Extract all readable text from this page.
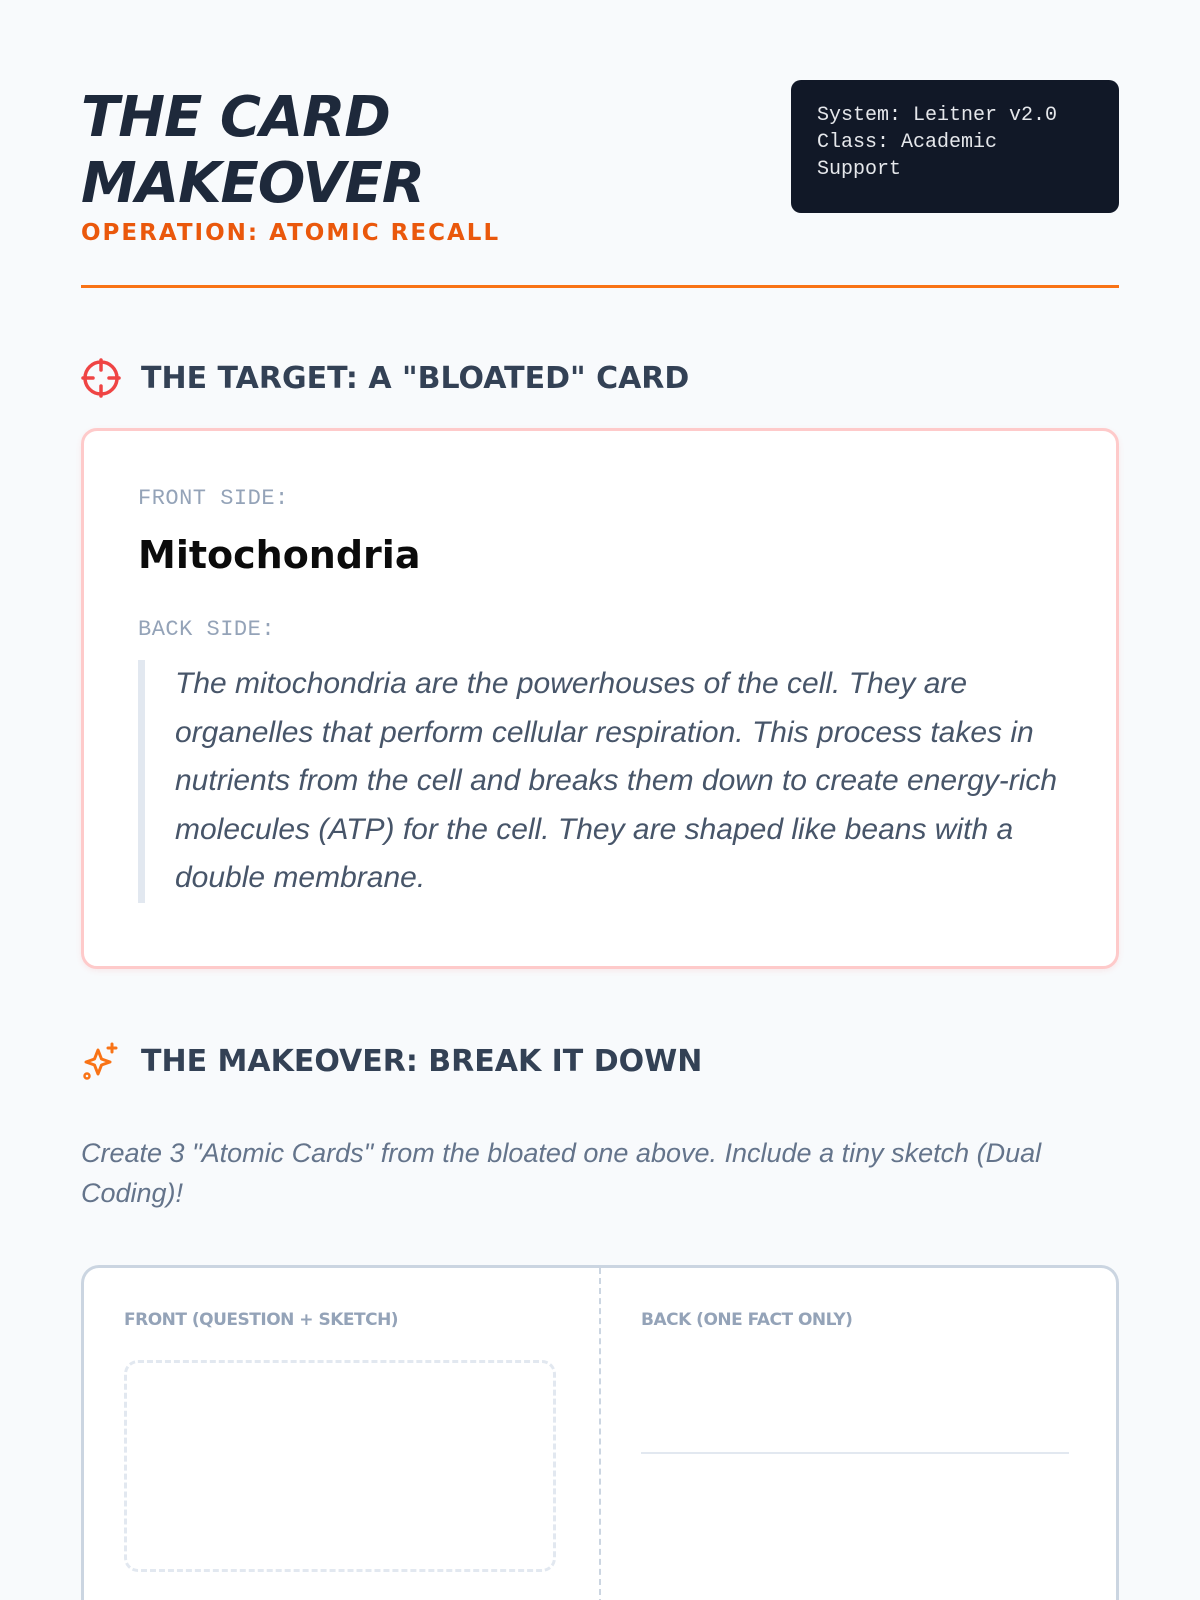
THE CARD MAKEOVER
OPERATION: ATOMIC RECALL
System: Leitner v2.0
Class: Academic
Support
THE TARGET: A "BLOATED" CARD
FRONT SIDE:
Mitochondria
BACK SIDE:
The mitochondria are the powerhouses of the cell. They are organelles that perform cellular respiration. This process takes in nutrients from the cell and breaks them down to create energy-rich molecules (ATP) for the cell. They are shaped like beans with a double membrane.
THE MAKEOVER: BREAK IT DOWN

Create 3 "Atomic Cards" from the bloated one above. Include a tiny sketch (Dual Coding)!

FRONT (QUESTION + SKETCH)	BACK (ONE FACT ONLY)
